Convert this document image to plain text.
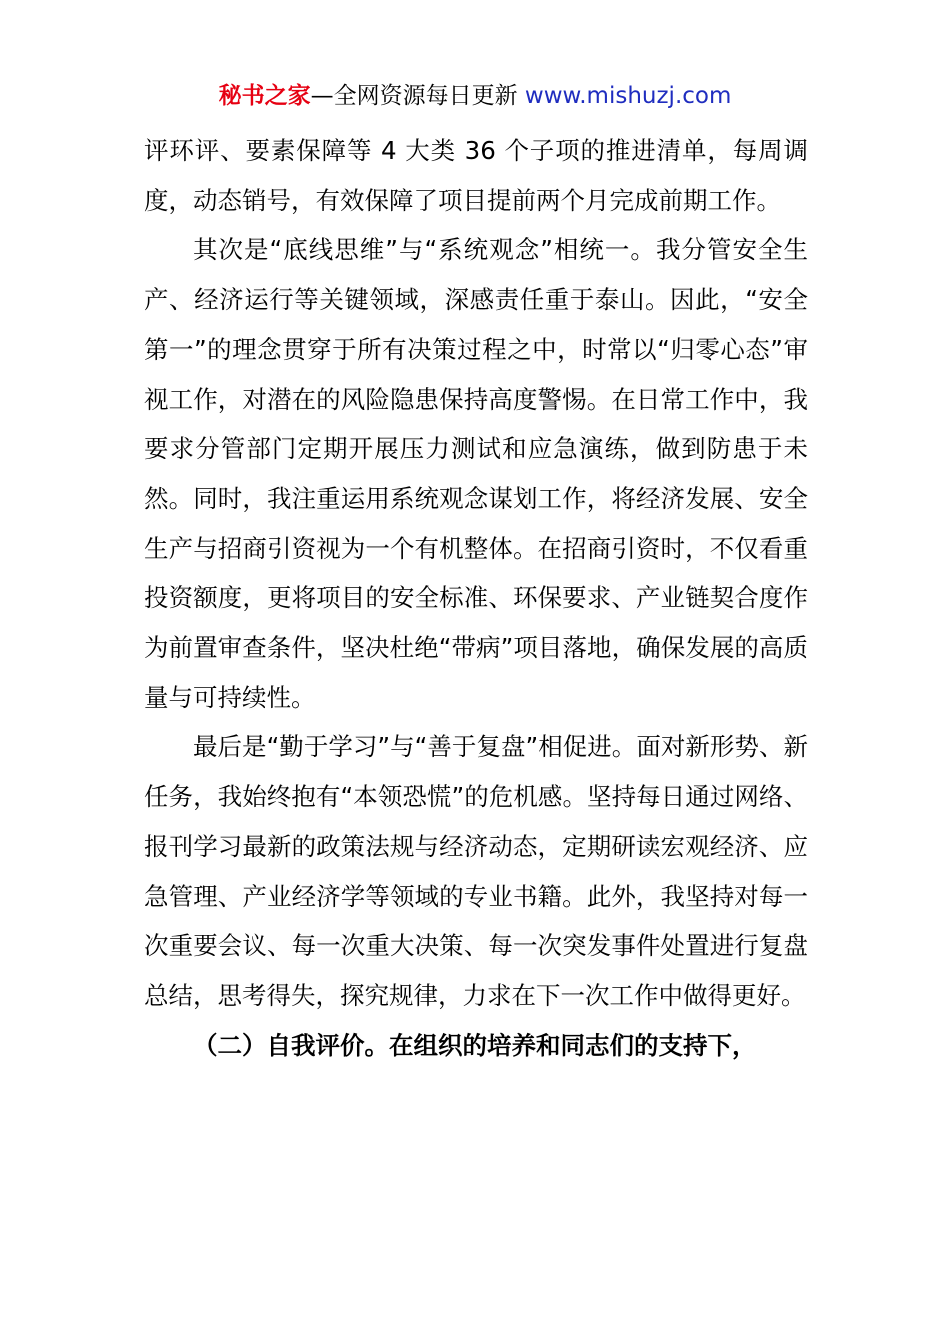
秘书之家—全网资源每日更新 www.mishuzj.com

评环评、要素保障等 4 大类 36 个子项的推进清单，每周调度，动态销号，有效保障了项目提前两个月完成前期工作。

其次是“底线思维”与“系统观念”相统一。我分管安全生产、经济运行等关键领域，深感责任重于泰山。因此，“安全第一”的理念贯穿于所有决策过程之中，时常以“归零心态”审视工作，对潜在的风险隐患保持高度警惕。在日常工作中，我要求分管部门定期开展压力测试和应急演练，做到防患于未然。同时，我注重运用系统观念谋划工作，将经济发展、安全生产与招商引资视为一个有机整体。在招商引资时，不仅看重投资额度，更将项目的安全标准、环保要求、产业链契合度作为前置审查条件，坚决杜绝“带病”项目落地，确保发展的高质量与可持续性。

最后是“勤于学习”与“善于复盘”相促进。面对新形势、新任务，我始终抱有“本领恐慌”的危机感。坚持每日通过网络、报刊学习最新的政策法规与经济动态，定期研读宏观经济、应急管理、产业经济学等领域的专业书籍。此外，我坚持对每一次重要会议、每一次重大决策、每一次突发事件处置进行复盘总结，思考得失，探究规律，力求在下一次工作中做得更好。

（二）自我评价。在组织的培养和同志们的支持下，
